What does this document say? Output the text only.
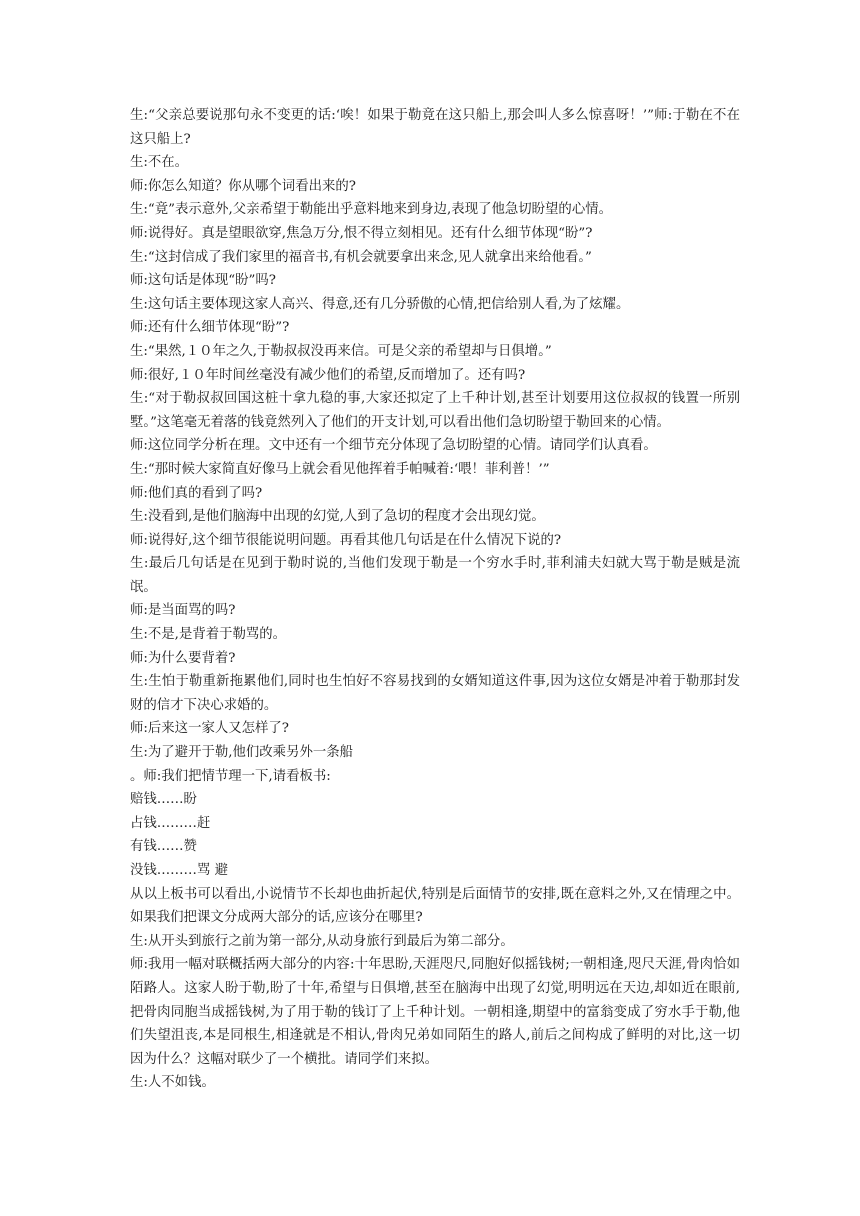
生:“父亲总要说那句永不变更的话:‘唉！如果于勒竟在这只船上,那会叫人多么惊喜呀！’”师:于勒在不在这只船上?

生:不在。

师:你怎么知道？你从哪个词看出来的?

生:“竟”表示意外,父亲希望于勒能出乎意料地来到身边,表现了他急切盼望的心情。

师:说得好。真是望眼欲穿,焦急万分,恨不得立刻相见。还有什么细节体现“盼”?

生:“这封信成了我们家里的福音书,有机会就要拿出来念,见人就拿出来给他看。”

师:这句话是体现“盼”吗?

生:这句话主要体现这家人高兴、得意,还有几分骄傲的心情,把信给别人看,为了炫耀。

师:还有什么细节体现“盼”?

生:“果然,１０年之久,于勒叔叔没再来信。可是父亲的希望却与日俱增。”

师:很好,１０年时间丝毫没有减少他们的希望,反而增加了。还有吗?

生:“对于勒叔叔回国这桩十拿九稳的事,大家还拟定了上千种计划,甚至计划要用这位叔叔的钱置一所别墅。”这笔毫无着落的钱竟然列入了他们的开支计划,可以看出他们急切盼望于勒回来的心情。

师:这位同学分析在理。文中还有一个细节充分体现了急切盼望的心情。请同学们认真看。

生:“那时候大家简直好像马上就会看见他挥着手帕喊着:‘喂！菲利普！’”

师:他们真的看到了吗?

生:没看到,是他们脑海中出现的幻觉,人到了急切的程度才会出现幻觉。

师:说得好,这个细节很能说明问题。再看其他几句话是在什么情况下说的?

生:最后几句话是在见到于勒时说的,当他们发现于勒是一个穷水手时,菲利浦夫妇就大骂于勒是贼是流氓。

师:是当面骂的吗?

生:不是,是背着于勒骂的。

师:为什么要背着?

生:生怕于勒重新拖累他们,同时也生怕好不容易找到的女婿知道这件事,因为这位女婿是冲着于勒那封发财的信才下决心求婚的。

师:后来这一家人又怎样了?

生:为了避开于勒,他们改乘另外一条船

。师:我们把情节理一下,请看板书:

赔钱……盼

占钱………赶

有钱……赞

没钱………骂 避

从以上板书可以看出,小说情节不长却也曲折起伏,特别是后面情节的安排,既在意料之外,又在情理之中。如果我们把课文分成两大部分的话,应该分在哪里?

生:从开头到旅行之前为第一部分,从动身旅行到最后为第二部分。

师:我用一幅对联概括两大部分的内容:十年思盼,天涯咫尺,同胞好似摇钱树;一朝相逢,咫尺天涯,骨肉恰如陌路人。这家人盼于勒,盼了十年,希望与日俱增,甚至在脑海中出现了幻觉,明明远在天边,却如近在眼前,把骨肉同胞当成摇钱树,为了用于勒的钱订了上千种计划。一朝相逢,期望中的富翁变成了穷水手于勒,他们失望沮丧,本是同根生,相逢就是不相认,骨肉兄弟如同陌生的路人,前后之间构成了鲜明的对比,这一切因为什么？这幅对联少了一个横批。请同学们来拟。

生:人不如钱。
